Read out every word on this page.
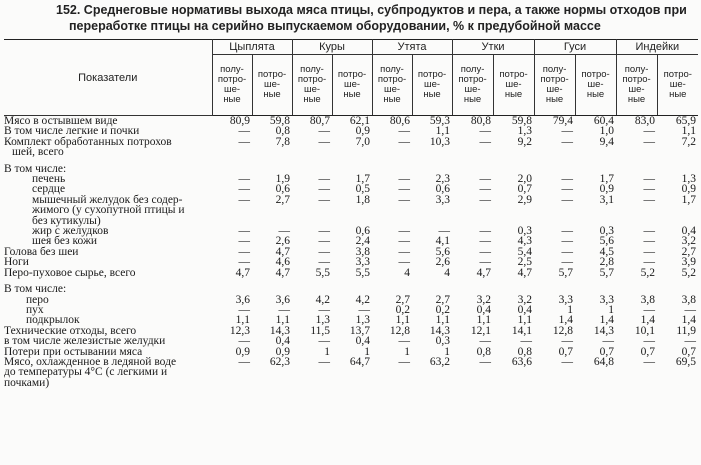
152. Среднеговые нормативы выхода мяса птицы, субпродуктов и пера, а также нормы отходов при
переработке птицы на серийно выпускаемом оборудовании, % к предубойной массе
Показатели	Цыплята		Куры		Утята		Утки		Гуси		Индейки	
	полу-
потро-
ше-
ные	потро-
ше-
ные	полу-
потро-
ше-
ные	потро-
ше-
ные	полу-
потро-
ше-
ные	потро-
ше-
ные	полу-
потро-
ше-
ные	потро-
ше-
ные	полу-
потро-
ше-
ные	потро-
ше-
ные	полу-
потро-
ше-
ные	потро-
ше-
ные
Мясо в остывшем виде	80,9	59,8	80,7	62,1	80,6	59,3	80,8	59,8	79,4	60,4	83,0	65,9
В том числе легкие и почки	—	0,8	—	0,9	—	1,1	—	1,3	—	1,0	—	1,1
Комплект обработанных потрохов	—	7,8	—	7,0	—	10,3	—	9,2	—	9,4	—	7,2
шей, всего												

В том числе:												
печень	—	1,9	—	1,7	—	2,3	—	2,0	—	1,7	—	1,3
сердце	—	0,6	—	0,5	—	0,6	—	0,7	—	0,9	—	0,9
мышечный желудок без содер-	—	2,7	—	1,8	—	3,3	—	2,9	—	3,1	—	1,7
жимого (у сухопутной птицы и												
без кутикулы)												
жир с желудков	—	—	—	0,6	—	—	—	0,3	—	0,3	—	0,4
шея без кожи	—	2,6	—	2,4	—	4,1	—	4,3	—	5,6	—	3,2
Голова без шеи	—	4,7	—	3,8	—	5,6	—	5,4	—	4,5	—	2,7
Ноги	—	4,6	—	3,3	—	2,6	—	2,5	—	2,8	—	3,9
Перо-пуховое сырье, всего	4,7	4,7	5,5	5,5	4	4	4,7	4,7	5,7	5,7	5,2	5,2

В том числе:												
перо	3,6	3,6	4,2	4,2	2,7	2,7	3,2	3,2	3,3	3,3	3,8	3,8
пух	—	—	—	—	0,2	0,2	0,4	0,4	1	1	—	—
подкрылок	1,1	1,1	1,3	1,3	1,1	1,1	1,1	1,1	1,4	1,4	1,4	1,4
Технические отходы, всего	12,3	14,3	11,5	13,7	12,8	14,3	12,1	14,1	12,8	14,3	10,1	11,9
в том числе железистые желудки	—	0,4	—	0,4	—	0,3	—	—	—	—	—	—
Потери при остывании мяса	0,9	0,9	1	1	1	1	0,8	0,8	0,7	0,7	0,7	0,7
Мясо, охлажденное в ледяной воде	—	62,3	—	64,7	—	63,2	—	63,6	—	64,8	—	69,5
до температуры 4°С (с легкими и												
почками)												
